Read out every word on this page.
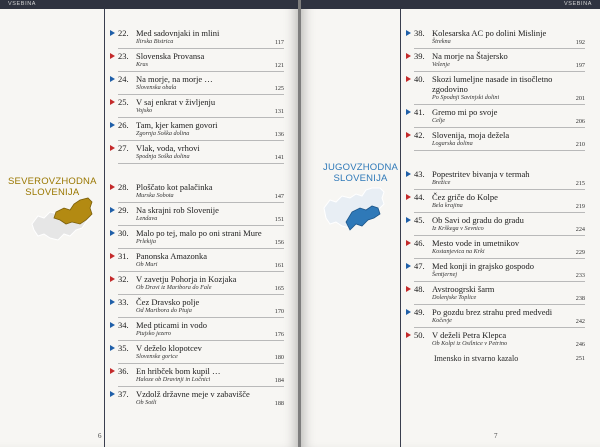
VSEBINA
SEVEROVZHODNA
SLOVENIJA
22. Med sadovnjaki in mlini
Ilirska Bistrica	117
23. Slovenska Provansa
Kras	121
24. Na morje, na morje …
Slovenska obala	125
25. V saj enkrat v življenju
Vojsko	131
26. Tam, kjer kamen govori
Zgornja Soška dolina	136
27. Vlak, voda, vrhovi
Spodnja Soška dolina	141
28. Ploščato kot palačinka
Murska Sobota	147
29. Na skrajni rob Slovenije
Lendava	151
30. Malo po tej, malo po oni strani Mure
Prlekija	156
31. Panonska Amazonka
Ob Muri	161
32. V zavetju Pohorja in Kozjaka
Ob Dravi iz Maribora do Fale	165
33. Čez Dravsko polje
Od Maribora do Ptuja	170
34. Med pticami in vodo
Ptujsko jezero	176
35. V deželo klopotcev
Slovenske gorice	180
36. En hribček bom kupil …
Haloze ob Dravinji in Ločnici	184
37. Vzdolž državne meje v zabavišče
Ob Sotli	188
6
VSEBINA
38. Kolesarska AC po dolini Mislinje
Štrekna	192
39. Na morje na Štajersko
Velenje	197
40. Skozi lumeljne nasade in tisočletno
zgodovino
Po Spodnji Savinjski dolini	201
41. Gremo mi po svoje
Celje	206
42. Slovenija, moja dežela
Logarska dolina	210
43. Popestritev bivanja v termah
Brežice	215
44. Čez griče do Kolpe
Bela krajina	219
45. Ob Savi od gradu do gradu
Iz Krškega v Sevnico	224
46. Mesto vode in umetnikov
Kostanjevica na Krki	229
47. Med konji in grajsko gospodo
Šentjernej	233
48. Avstroogrski šarm
Dolenjske Toplice	238
49. Po gozdu brez strahu pred medvedi
Kočevje	242
50. V deželi Petra Klepca
Ob Kolpi iz Osilnice v Petrino	246
Imensko in stvarno kazalo	251
7
JUGOVZHODNA
SLOVENIJA
